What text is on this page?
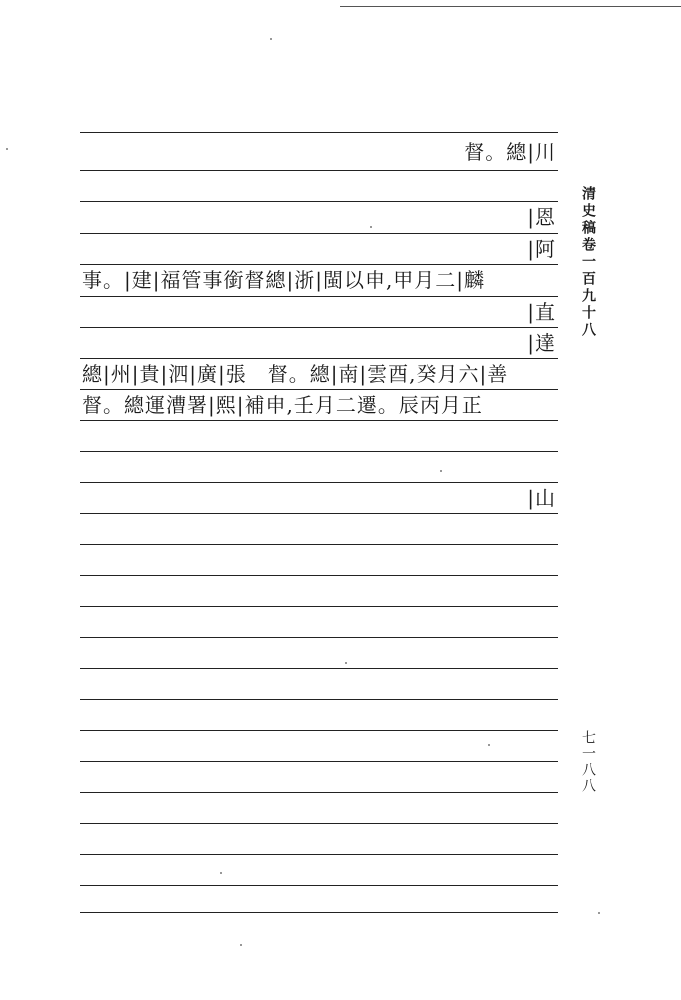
督。總|川
|恩
|阿
事。|建|福管事銜督總|浙|閩以申,甲月二|麟
|直
|達
總|州|貴|泗|廣|張　督。總|南|雲酉,癸月六|善
督。總運漕署|熙|補申,壬月二遷。辰丙月正
|山
清史稿卷一百九十八
七一八八
